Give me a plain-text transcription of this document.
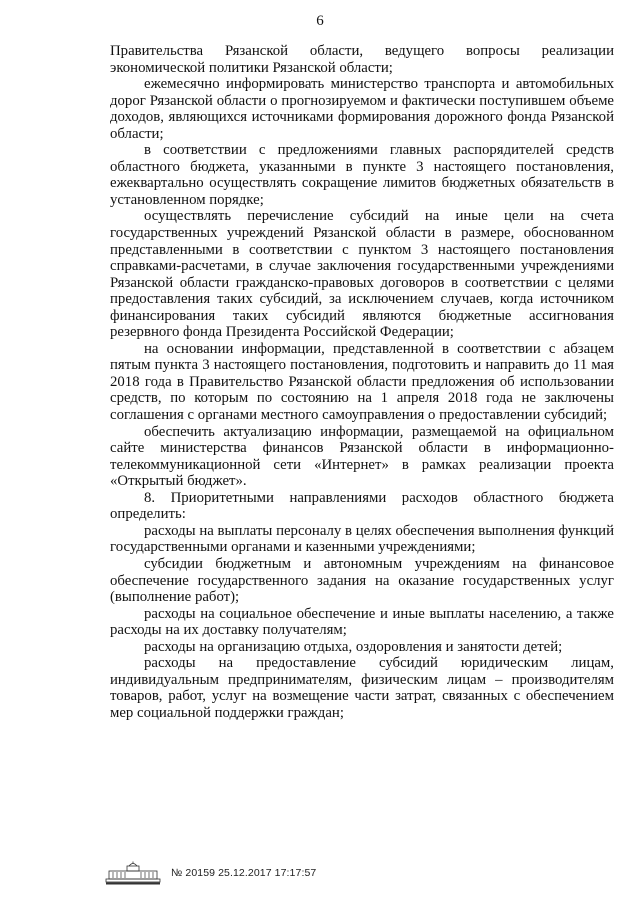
6

Правительства Рязанской области, ведущего вопросы реализации экономической политики Рязанской области;

ежемесячно информировать министерство транспорта и автомобильных дорог Рязанской области о прогнозируемом и фактически поступившем объеме доходов, являющихся источниками формирования дорожного фонда Рязанской области;

в соответствии с предложениями главных распорядителей средств областного бюджета, указанными в пункте 3 настоящего постановления, ежеквартально осуществлять сокращение лимитов бюджетных обязательств в установленном порядке;

осуществлять перечисление субсидий на иные цели на счета государственных учреждений Рязанской области в размере, обоснованном представленными в соответствии с пунктом 3 настоящего постановления справками-расчетами, в случае заключения государственными учреждениями Рязанской области гражданско-правовых договоров в соответствии с целями предоставления таких субсидий, за исключением случаев, когда источником финансирования таких субсидий являются бюджетные ассигнования резервного фонда Президента Российской Федерации;

на основании информации, представленной в соответствии с абзацем пятым пункта 3 настоящего постановления, подготовить и направить до 11 мая 2018 года в Правительство Рязанской области предложения об использовании средств, по которым по состоянию на 1 апреля 2018 года не заключены соглашения с органами местного самоуправления о предоставлении субсидий;

обеспечить актуализацию информации, размещаемой на официальном сайте министерства финансов Рязанской области в информационно-телекоммуникационной сети «Интернет» в рамках реализации проекта «Открытый бюджет».

8. Приоритетными направлениями расходов областного бюджета определить:

расходы на выплаты персоналу в целях обеспечения выполнения функций государственными органами и казенными учреждениями;

субсидии бюджетным и автономным учреждениям на финансовое обеспечение государственного задания на оказание государственных услуг (выполнение работ);

расходы на социальное обеспечение и иные выплаты населению, а также расходы на их доставку получателям;

расходы на организацию отдыха, оздоровления и занятости детей;

расходы на предоставление субсидий юридическим лицам, индивидуальным предпринимателям, физическим лицам – производителям товаров, работ, услуг на возмещение части затрат, связанных с обеспечением мер социальной поддержки граждан;

№ 20159 25.12.2017 17:17:57
